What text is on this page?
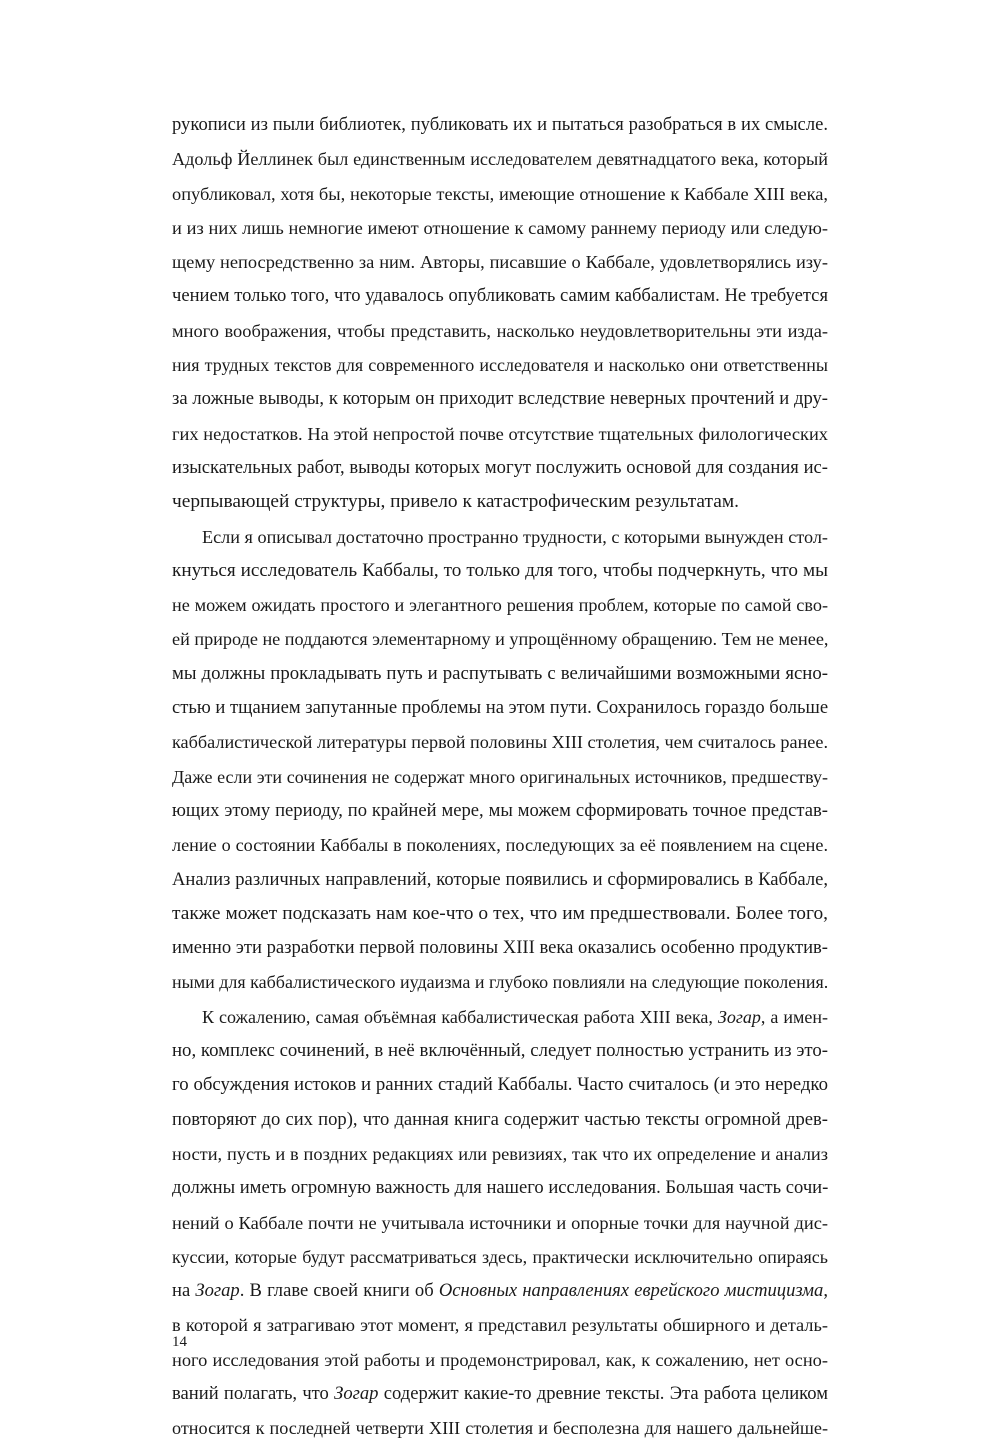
рукописи из пыли библиотек, публиковать их и пытаться разобраться в их смысле.
Адольф Йеллинек был единственным исследователем девятнадцатого века, который
опубликовал, хотя бы, некоторые тексты, имеющие отношение к Каббале XIII века,
и из них лишь немногие имеют отношение к самому раннему периоду или следую-
щему непосредственно за ним. Авторы, писавшие о Каббале, удовлетворялись изу-
чением только того, что удавалось опубликовать самим каббалистам. Не требуется
много воображения, чтобы представить, насколько неудовлетворительны эти изда-
ния трудных текстов для современного исследователя и насколько они ответственны
за ложные выводы, к которым он приходит вследствие неверных прочтений и дру-
гих недостатков. На этой непростой почве отсутствие тщательных филологических
изыскательных работ, выводы которых могут послужить основой для создания ис-
черпывающей структуры, привело к катастрофическим результатам.
Если я описывал достаточно пространно трудности, с которыми вынужден стол-
кнуться исследователь Каббалы, то только для того, чтобы подчеркнуть, что мы
не можем ожидать простого и элегантного решения проблем, которые по самой сво-
ей природе не поддаются элементарному и упрощённому обращению. Тем не менее,
мы должны прокладывать путь и распутывать с величайшими возможными ясно-
стью и тщанием запутанные проблемы на этом пути. Сохранилось гораздо больше
каббалистической литературы первой половины XIII столетия, чем считалось ранее.
Даже если эти сочинения не содержат много оригинальных источников, предшеству-
ющих этому периоду, по крайней мере, мы можем сформировать точное представ-
ление о состоянии Каббалы в поколениях, последующих за её появлением на сцене.
Анализ различных направлений, которые появились и сформировались в Каббале,
также может подсказать нам кое-что о тех, что им предшествовали. Более того,
именно эти разработки первой половины XIII века оказались особенно продуктив-
ными для каббалистического иудаизма и глубоко повлияли на следующие поколения.
К сожалению, самая объёмная каббалистическая работа XIII века, Зогар, а имен-
но, комплекс сочинений, в неё включённый, следует полностью устранить из это-
го обсуждения истоков и ранних стадий Каббалы. Часто считалось (и это нередко
повторяют до сих пор), что данная книга содержит частью тексты огромной древ-
ности, пусть и в поздних редакциях или ревизиях, так что их определение и анализ
должны иметь огромную важность для нашего исследования. Большая часть сочи-
нений о Каббале почти не учитывала источники и опорные точки для научной дис-
куссии, которые будут рассматриваться здесь, практически исключительно опираясь
на Зогар. В главе своей книги об Основных направлениях еврейского мистицизма,
в которой я затрагиваю этот момент, я представил результаты обширного и деталь-
ного исследования этой работы и продемонстрировал, как, к сожалению, нет осно-
ваний полагать, что Зогар содержит какие-то древние тексты. Эта работа целиком
относится к последней четверти XIII столетия и бесполезна для нашего дальнейше-
14
